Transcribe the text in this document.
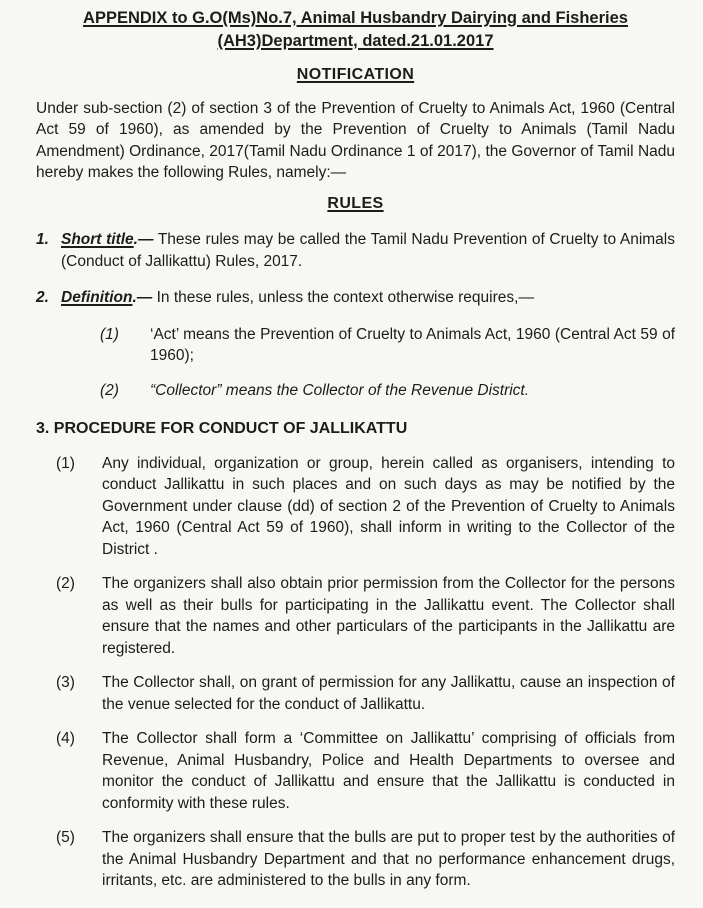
APPENDIX to G.O(Ms)No.7, Animal Husbandry Dairying and Fisheries
(AH3)Department, dated.21.01.2017
NOTIFICATION

Under sub-section (2) of section 3 of the Prevention of Cruelty to Animals Act, 1960 (Central Act 59 of 1960), as amended by the Prevention of Cruelty to Animals (Tamil Nadu Amendment) Ordinance, 2017(Tamil Nadu Ordinance 1 of 2017), the Governor of Tamil Nadu hereby makes the following Rules, namely:—

RULES
1. Short title.— These rules may be called the Tamil Nadu Prevention of Cruelty to Animals (Conduct of Jallikattu) Rules, 2017.
2. Definition.— In these rules, unless the context otherwise requires,—
(1)	‘Act’ means the Prevention of Cruelty to Animals Act, 1960 (Central Act 59 of 1960);
(2)	“Collector” means the Collector of the Revenue District.
3. PROCEDURE FOR CONDUCT OF JALLIKATTU
(1)	Any individual, organization or group, herein called as organisers, intending to conduct Jallikattu in such places and on such days as may be notified by the Government under clause (dd) of section 2 of the Prevention of Cruelty to Animals Act, 1960 (Central Act 59 of 1960), shall inform in writing to the Collector of the District .
(2)	The organizers shall also obtain prior permission from the Collector for the persons as well as their bulls for participating in the Jallikattu event. The Collector shall ensure that the names and other particulars of the participants in the Jallikattu are registered.
(3)	The Collector shall, on grant of permission for any Jallikattu, cause an inspection of the venue selected for the conduct of Jallikattu.
(4)	The Collector shall form a ‘Committee on Jallikattu’ comprising of officials from Revenue, Animal Husbandry, Police and Health Departments to oversee and monitor the conduct of Jallikattu and ensure that the Jallikattu is conducted in conformity with these rules.
(5)	The organizers shall ensure that the bulls are put to proper test by the authorities of the Animal Husbandry Department and that no performance enhancement drugs, irritants, etc. are administered to the bulls in any form.
